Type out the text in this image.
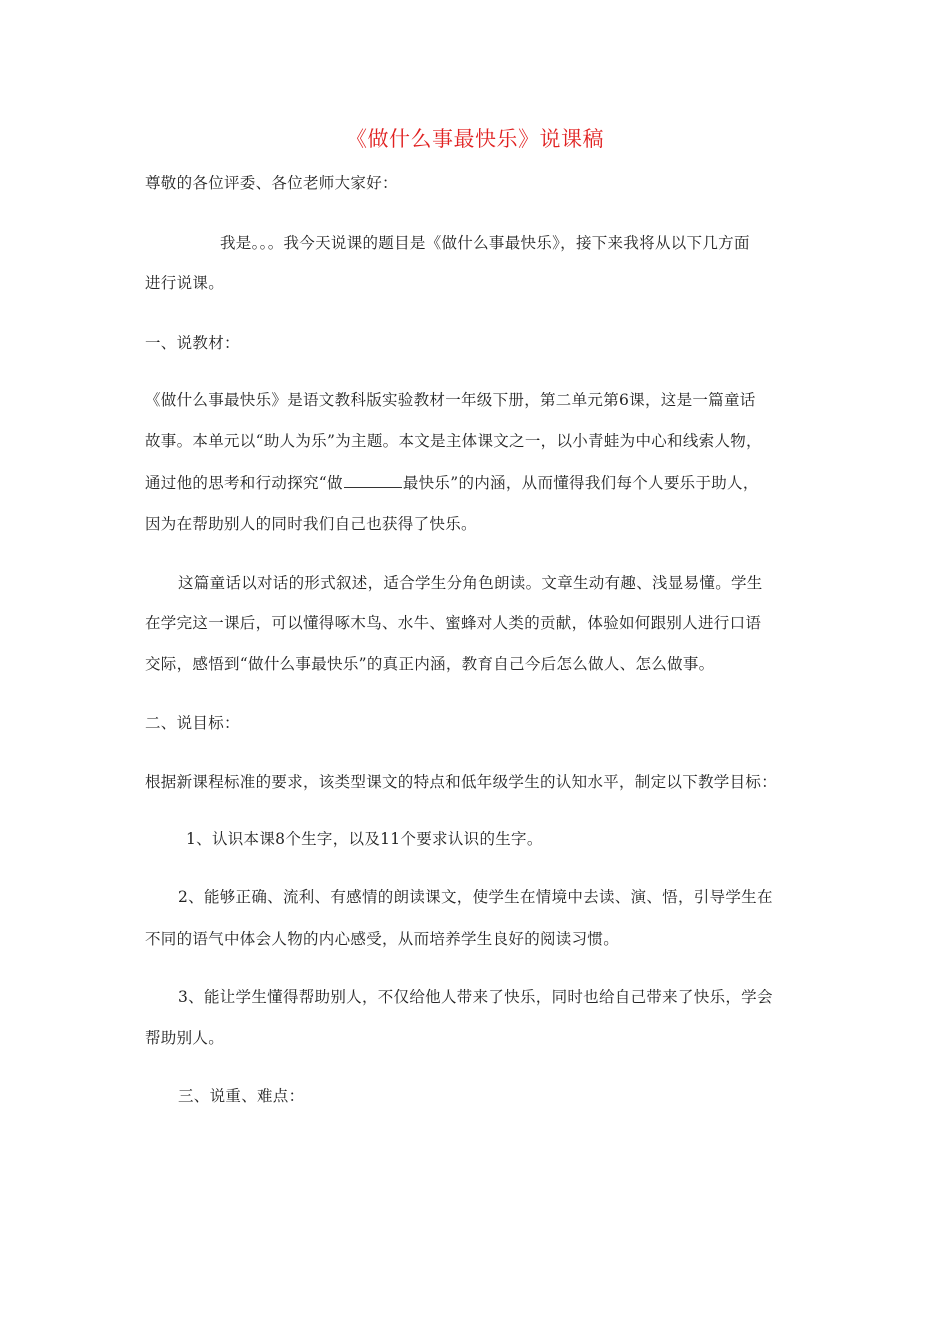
《做什么事最快乐》说课稿
尊敬的各位评委、各位老师大家好：
我是。。。我今天说课的题目是《做什么事最快乐》，接下来我将从以下几方面
进行说课。
一、说教材：
《做什么事最快乐》是语文教科版实验教材一年级下册，第二单元第6课，这是一篇童话
故事。本单元以“助人为乐”为主题。本文是主体课文之一，以小青蛙为中心和线索人物，
通过他的思考和行动探究“做	最快乐”的内涵，从而懂得我们每个人要乐于助人，
因为在帮助别人的同时我们自己也获得了快乐。
这篇童话以对话的形式叙述，适合学生分角色朗读。文章生动有趣、浅显易懂。学生
在学完这一课后，可以懂得啄木鸟、水牛、蜜蜂对人类的贡献，体验如何跟别人进行口语
交际，感悟到“做什么事最快乐”的真正内涵，教育自己今后怎么做人、怎么做事。
二、说目标：
根据新课程标准的要求，该类型课文的特点和低年级学生的认知水平，制定以下教学目标：
1、认识本课8个生字，以及11个要求认识的生字。
2、能够正确、流利、有感情的朗读课文，使学生在情境中去读、演、悟，引导学生在
不同的语气中体会人物的内心感受，从而培养学生良好的阅读习惯。
3、能让学生懂得帮助别人，不仅给他人带来了快乐，同时也给自己带来了快乐，学会
帮助别人。
三、说重、难点：
